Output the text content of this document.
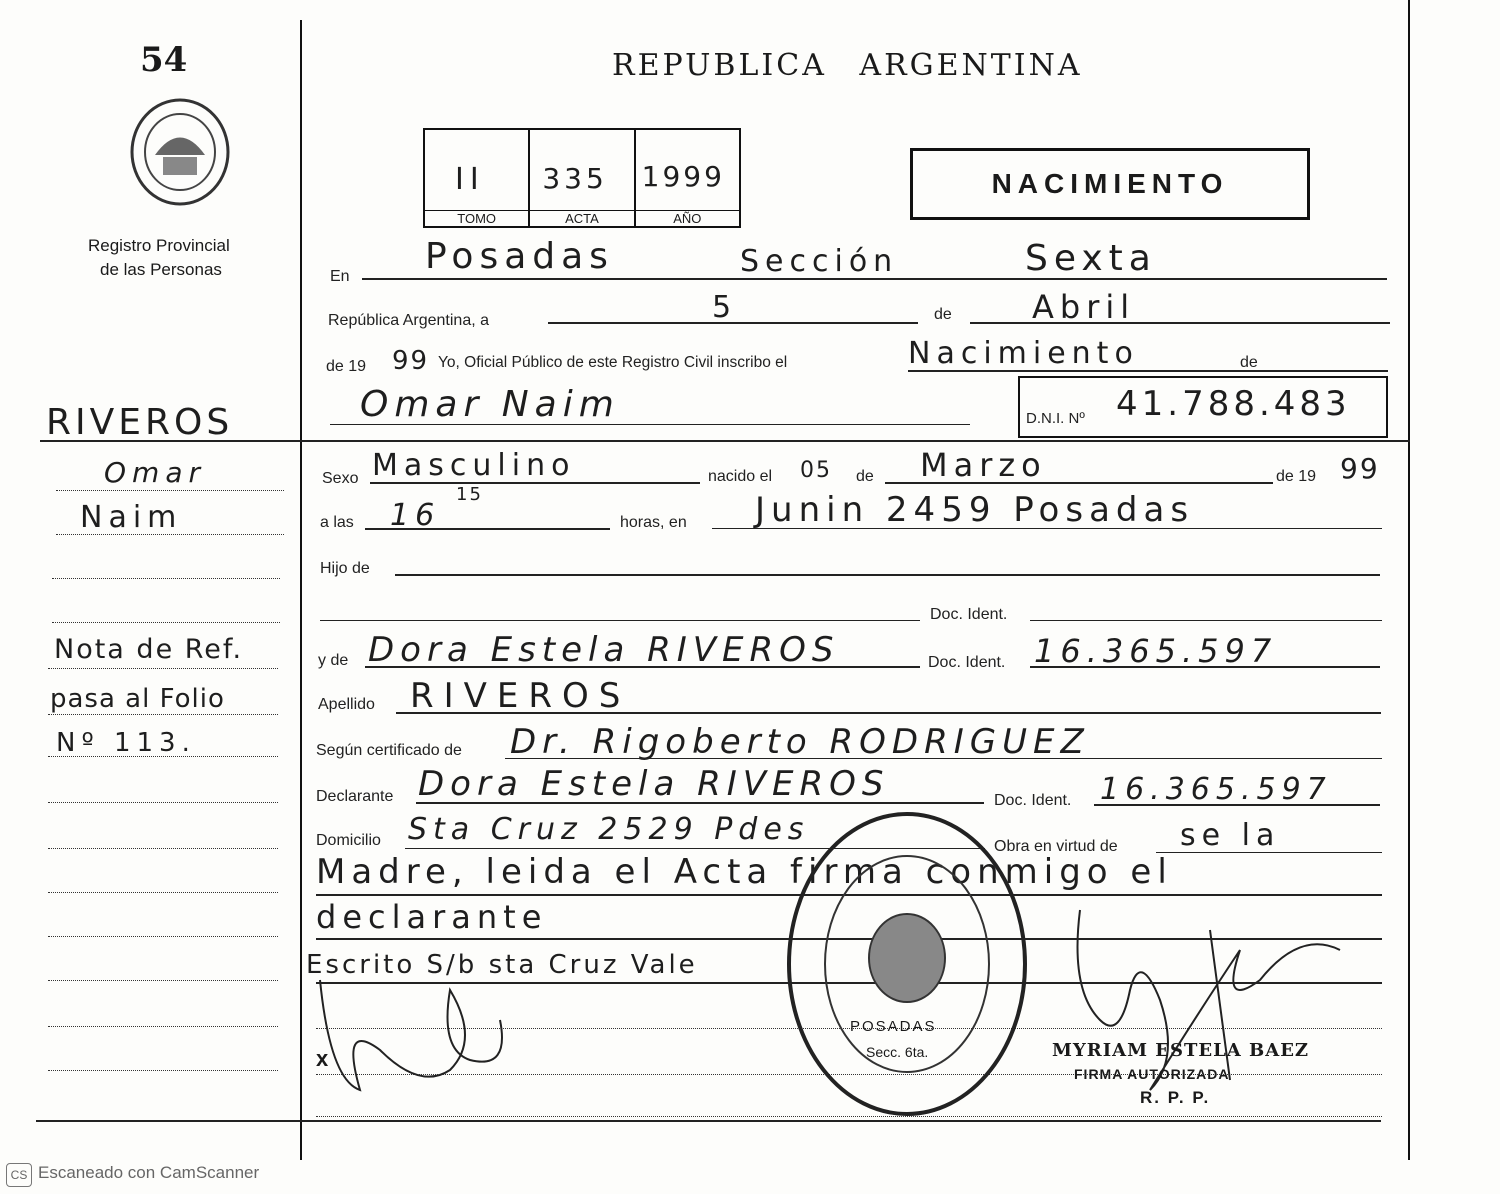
54
Registro Provincial
de las Personas
REPUBLICA ARGENTINA
II
TOMO
335
ACTA
1999
AÑO
NACIMIENTO
En Posadas	Sección	Sexta
República Argentina, a	5	de	Abril
de 19 99 Yo, Oficial Público de este Registro Civil inscribo el	Nacimiento	de
Omar Naim	D.N.I. Nº 41.788.483
Sexo Masculino	nacido el 05 de Marzo	de 19 99
a las 16
15
horas, en Junin 2459 Posadas
Hijo de
Doc. Ident.
y de Dora Estela RIVEROS	Doc. Ident. 16.365.597
Apellido RIVEROS
Según certificado de Dr. Rigoberto RODRIGUEZ
Declarante Dora Estela RIVEROS	Doc. Ident. 16.365.597
Domicilio Sta Cruz 2529 Pdes	Obra en virtud de se la
Madre, leida el Acta firma conmigo el
declarante
Escrito S/b sta Cruz Vale
x
RIVEROS
Omar
Naim
Nota de Ref.
pasa al Folio
Nº 113.
POSADAS
Secc. 6ta.	MYRIAM ESTELA BAEZ
FIRMA AUTORIZADA
R. P. P.
CS Escaneado con CamScanner
